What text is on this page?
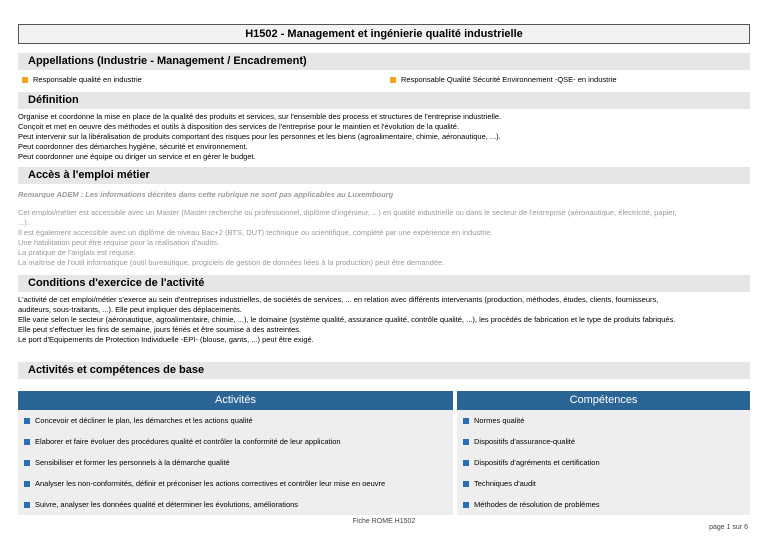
H1502 - Management et ingénierie qualité industrielle
Appellations (Industrie - Management / Encadrement)
Responsable qualité en industrie	Responsable Qualité Sécurité Environnement -QSE- en industrie
Définition
Organise et coordonne la mise en place de la qualité des produits et services, sur l'ensemble des process et structures de l'entreprise industrielle.
Conçoit et met en oeuvre des méthodes et outils à disposition des services de l'entreprise pour le maintien et l'évolution de la qualité.
Peut intervenir sur la libéralisation de produits comportant des risques pour les personnes et les biens (agroalimentaire, chimie, aéronautique, ...).
Peut coordonner des démarches hygiène, sécurité et environnement.
Peut coordonner une équipe ou diriger un service et en gérer le budget.
Accès à l'emploi métier
Remarque ADEM : Les informations décrites dans cette rubrique ne sont pas applicables au Luxembourg
Cet emploi/métier est accessible avec un Master (Master recherche ou professionnel, diplôme d'ingénieur, ...) en qualité industrielle ou dans le secteur de l'entreprise (aéronautique, électricité, papier,
...).
Il est également accessible avec un diplôme de niveau Bac+2 (BTS, DUT) technique ou scientifique, complété par une expérience en industrie.
Une habilitation peut être requise pour la réalisation d'audits.
La pratique de l'anglais est requise.
La maîtrise de l'outil informatique (outil bureautique, progiciels de gestion de données liées à la production) peut être demandée.
Conditions d'exercice de l'activité
L'activité de cet emploi/métier s'exerce au sein d'entreprises industrielles, de sociétés de services, ... en relation avec différents intervenants (production, méthodes, études, clients, fournisseurs,
auditeurs, sous-traitants, ...). Elle peut impliquer des déplacements.
Elle varie selon le secteur (aéronautique, agroalimentaire, chimie, ...), le domaine (système qualité, assurance qualité, contrôle qualité, ...), les procédés de fabrication et le type de produits fabriqués.
Elle peut s'effectuer les fins de semaine, jours fériés et être soumise à des astreintes.
Le port d'Equipements de Protection Individuelle -EPI- (blouse, gants, ...) peut être exigé.
Activités et compétences de base
Activités	Compétences
Concevoir et décliner le plan, les démarches et les actions qualité	Normes qualité
Elaborer et faire évoluer des procédures qualité et contrôler la conformité de leur application	Dispositifs d'assurance-qualité
Sensibiliser et former les personnels à la démarche qualité	Dispositifs d'agréments et certification
Analyser les non-conformités, définir et préconiser les actions correctives et contrôler leur mise en oeuvre	Techniques d'audit
Suivre, analyser les données qualité et déterminer les évolutions, améliorations	Méthodes de résolution de problèmes
Fiche ROME H1502
page 1 sur 6
